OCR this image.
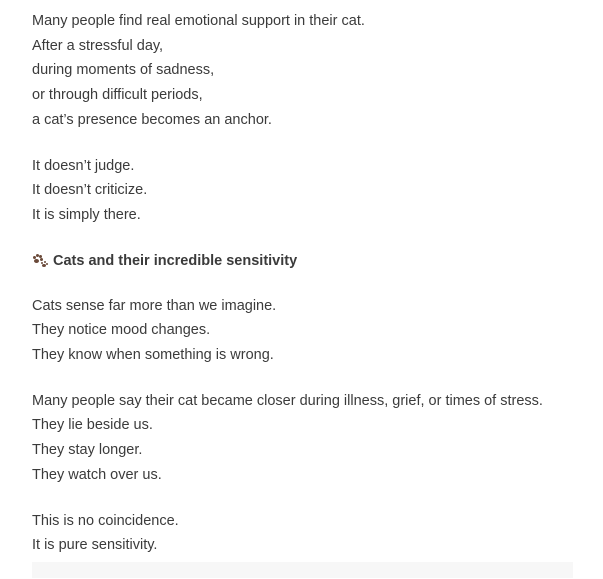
Many people find real emotional support in their cat.
After a stressful day,
during moments of sadness,
or through difficult periods,
a cat’s presence becomes an anchor.

It doesn’t judge.
It doesn’t criticize.
It is simply there.

Cats and their incredible sensitivity

Cats sense far more than we imagine.
They notice mood changes.
They know when something is wrong.

Many people say their cat became closer during illness, grief, or times of stress.
They lie beside us.
They stay longer.
They watch over us.

This is no coincidence.
It is pure sensitivity.
